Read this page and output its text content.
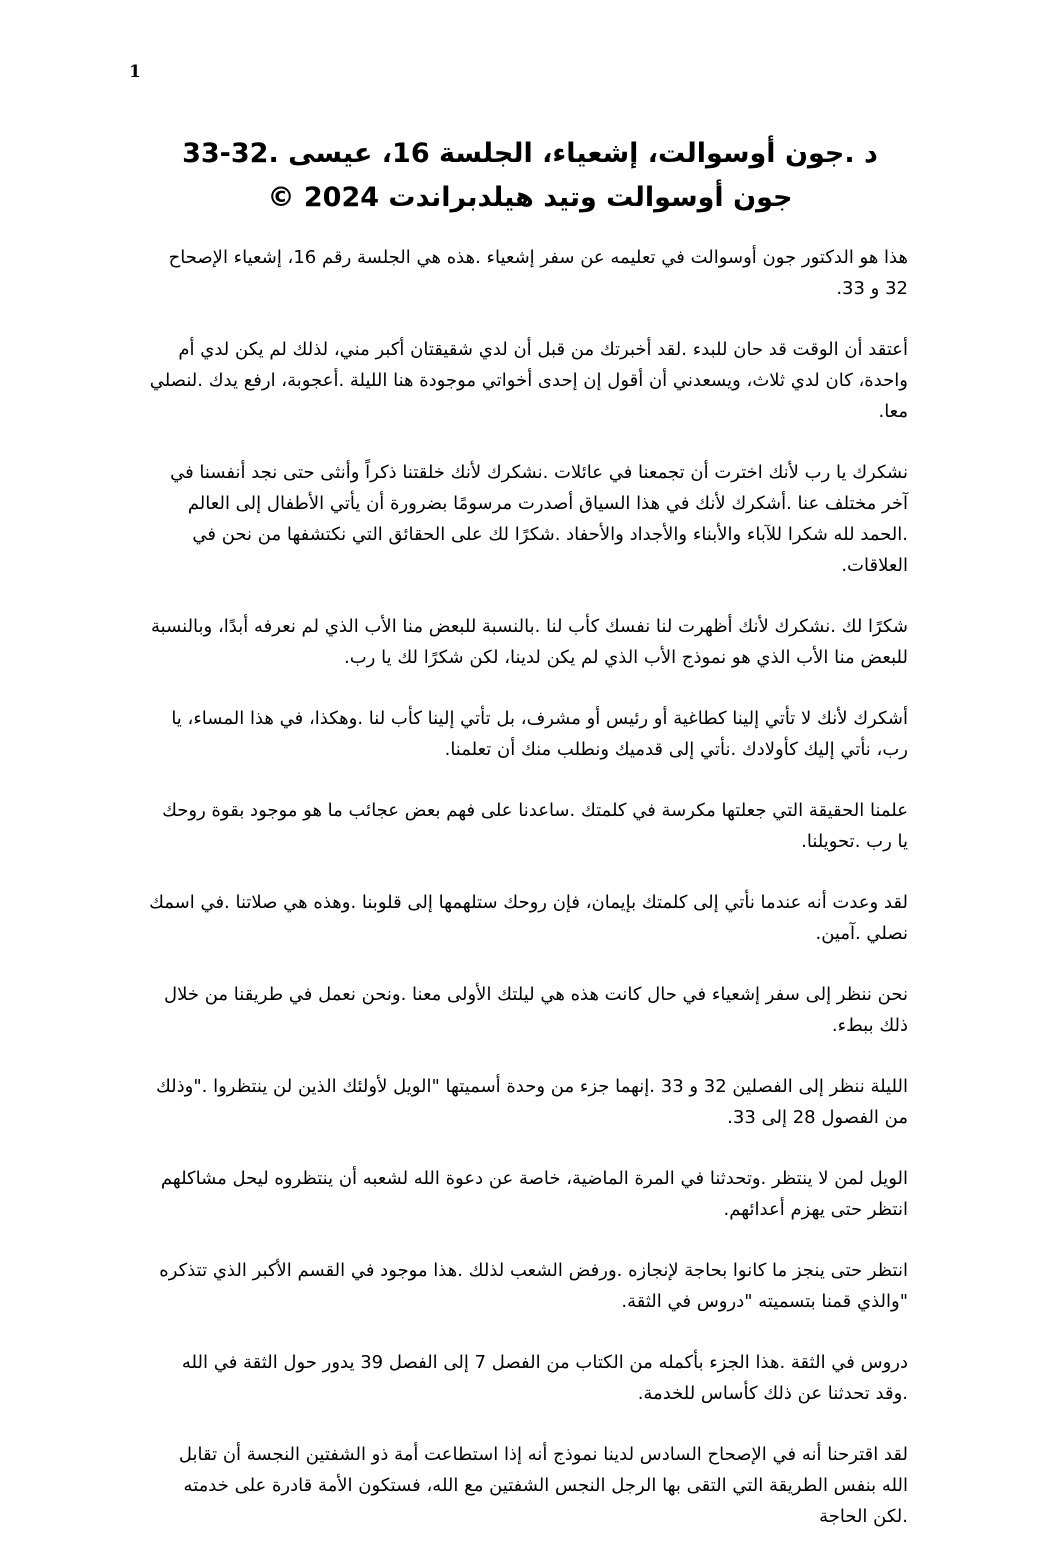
1
د .جون أوسوالت، إشعياء، الجلسة 16، عيسى .32-33
جون أوسوالت وتيد هيلدبراندت 2024 ©

هذا هو الدكتور جون أوسوالت في تعليمه عن سفر إشعياء .هذه هي الجلسة رقم 16، إشعياء الإصحاح 32 و 33.

أعتقد أن الوقت قد حان للبدء .لقد أخبرتك من قبل أن لدي شقيقتان أكبر مني، لذلك لم يكن لدي أم واحدة، كان لدي ثلاث، ويسعدني أن أقول إن إحدى أخواتي موجودة هنا الليلة .أعجوبة، ارفع يدك .لنصلي معا.

نشكرك يا رب لأنك اخترت أن تجمعنا في عائلات .نشكرك لأنك خلقتنا ذكراً وأنثى حتى نجد أنفسنا في آخر مختلف عنا .أشكرك لأنك في هذا السياق أصدرت مرسومًا بضرورة أن يأتي الأطفال إلى العالم .الحمد لله شكرا للآباء والأبناء والأجداد والأحفاد .شكرًا لك على الحقائق التي نكتشفها من نحن في العلاقات.

شكرًا لك .نشكرك لأنك أظهرت لنا نفسك كأب لنا .بالنسبة للبعض منا الأب الذي لم نعرفه أبدًا، وبالنسبة للبعض منا الأب الذي هو نموذج الأب الذي لم يكن لدينا، لكن شكرًا لك يا رب.

أشكرك لأنك لا تأتي إلينا كطاغية أو رئيس أو مشرف، بل تأتي إلينا كأب لنا .وهكذا، في هذا المساء، يا رب، نأتي إليك كأولادك .نأتي إلى قدميك ونطلب منك أن تعلمنا.

علمنا الحقيقة التي جعلتها مكرسة في كلمتك .ساعدنا على فهم بعض عجائب ما هو موجود بقوة روحك يا رب .تحويلنا.

لقد وعدت أنه عندما نأتي إلى كلمتك بإيمان، فإن روحك ستلهمها إلى قلوبنا .وهذه هي صلاتنا .في اسمك نصلي .آمين.

نحن ننظر إلى سفر إشعياء في حال كانت هذه هي ليلتك الأولى معنا .ونحن نعمل في طريقنا من خلال ذلك ببطء.

الليلة ننظر إلى الفصلين 32 و 33 .إنهما جزء من وحدة أسميتها "الويل لأولئك الذين لن ينتظروا ."وذلك من الفصول 28 إلى 33.

الويل لمن لا ينتظر .وتحدثنا في المرة الماضية، خاصة عن دعوة الله لشعبه أن ينتظروه ليحل مشاكلهم انتظر حتى يهزم أعدائهم.

انتظر حتى ينجز ما كانوا بحاجة لإنجازه .ورفض الشعب لذلك .هذا موجود في القسم الأكبر الذي تتذكره "والذي قمنا بتسميته "دروس في الثقة.

دروس في الثقة .هذا الجزء بأكمله من الكتاب من الفصل 7 إلى الفصل 39 يدور حول الثقة في الله .وقد تحدثنا عن ذلك كأساس للخدمة.

لقد اقترحنا أنه في الإصحاح السادس لدينا نموذج أنه إذا استطاعت أمة ذو الشفتين النجسة أن تقابل الله بنفس الطريقة التي التقى بها الرجل النجس الشفتين مع الله، فستكون الأمة قادرة على خدمته .لكن الحاجة
